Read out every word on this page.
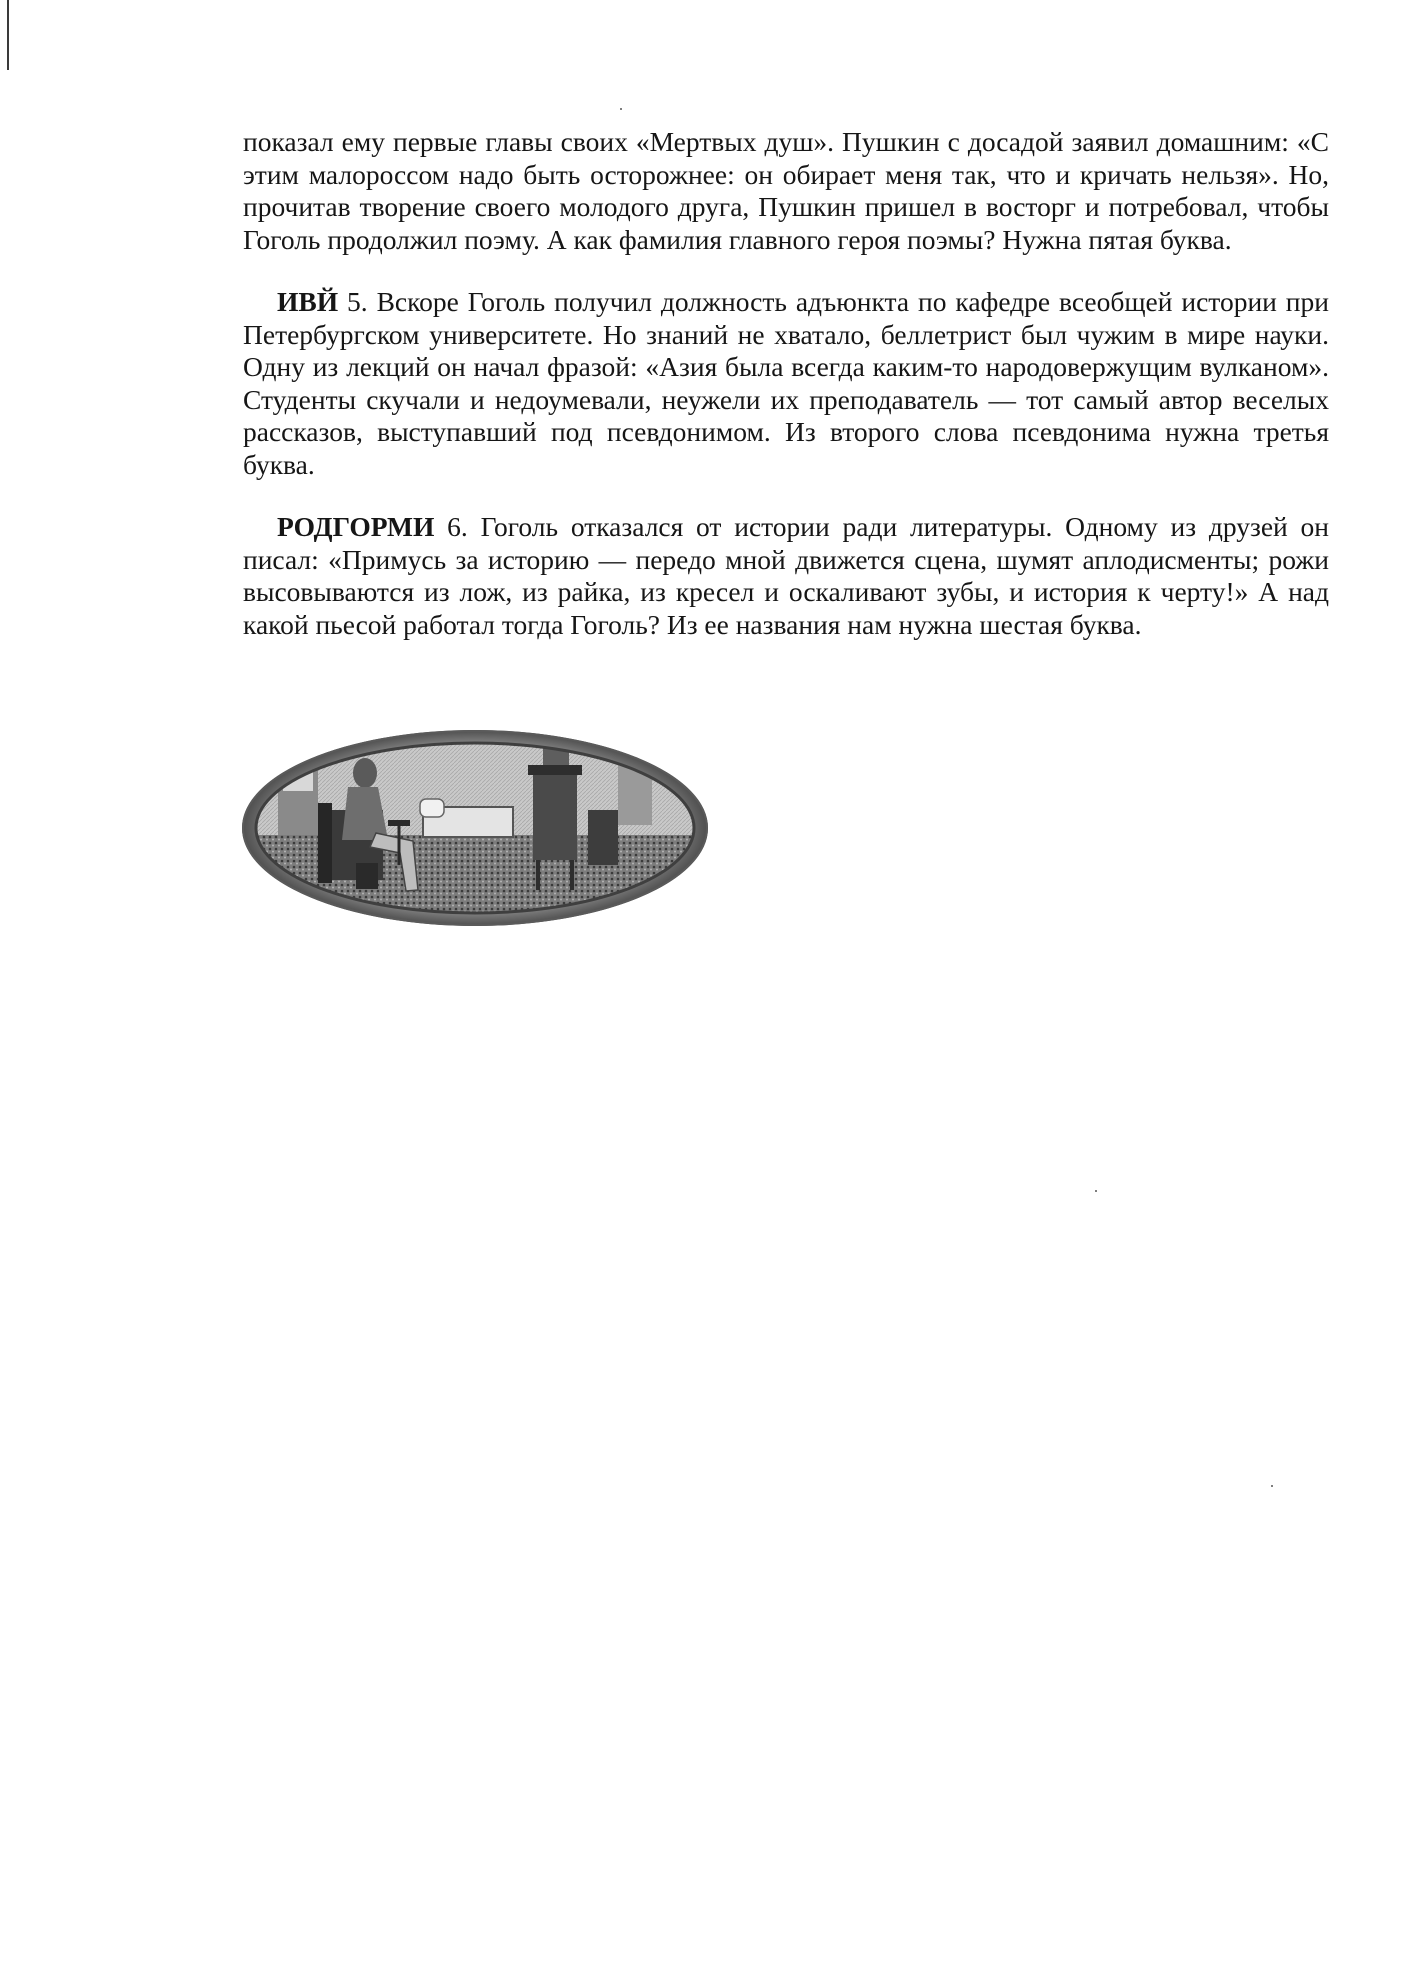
показал ему первые главы своих «Мертвых душ». Пушкин с досадой заявил домашним: «С этим малороссом надо быть осторожнее: он обирает меня так, что и кричать нельзя». Но, прочитав творение своего молодого друга, Пушкин пришел в восторг и потребовал, чтобы Гоголь продолжил поэму. А как фамилия главного героя поэмы? Нужна пятая буква.

ИВЙ 5. Вскоре Гоголь получил должность адъюнкта по кафедре всеобщей истории при Петербургском университете. Но знаний не хватало, беллетрист был чужим в мире науки. Одну из лекций он начал фразой: «Азия была всегда каким-то народовержущим вулканом». Студенты скучали и недоумевали, неужели их преподаватель — тот самый автор веселых рассказов, выступавший под псевдонимом. Из второго слова псевдонима нужна третья буква.

РОДГОРМИ 6. Гоголь отказался от истории ради литературы. Одному из друзей он писал: «Примусь за историю — передо мной движется сцена, шумят аплодисменты; рожи высовываются из лож, из райка, из кресел и оскаливают зубы, и история к черту!» А над какой пьесой работал тогда Гоголь? Из ее названия нам нужна шестая буква.
